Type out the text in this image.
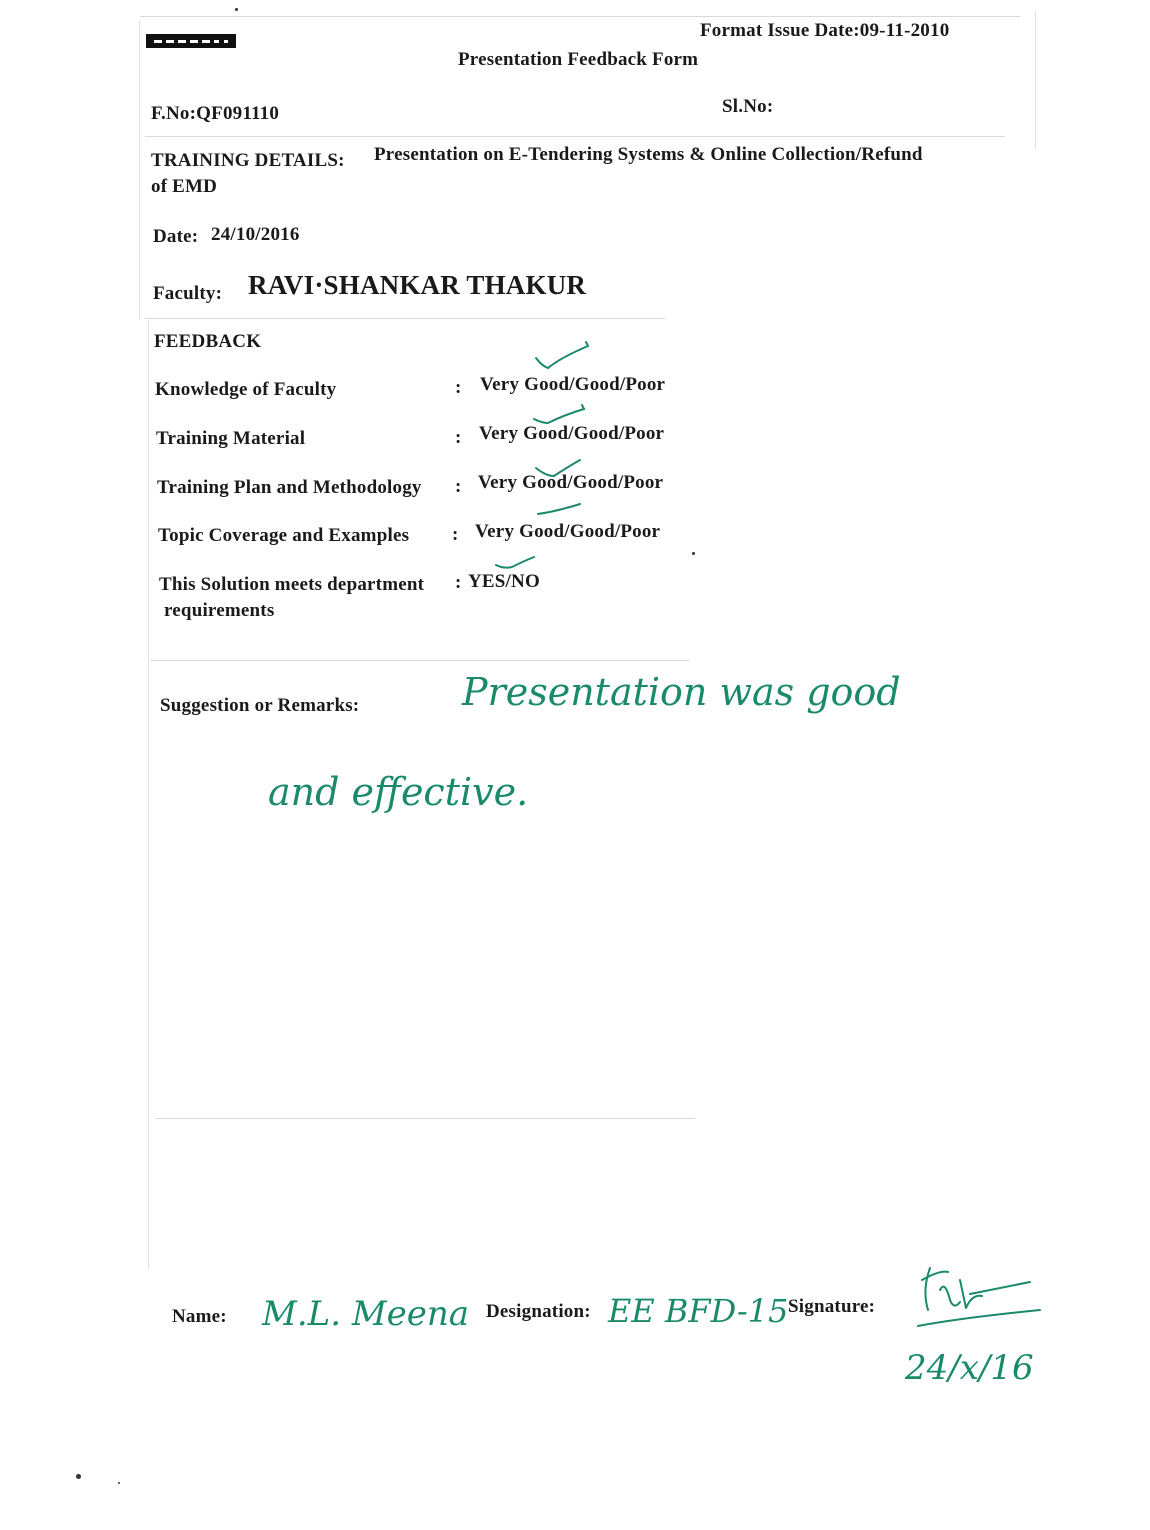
Format Issue Date:09-11-2010
Presentation Feedback Form
F.No:QF091110	Sl.No:
TRAINING DETAILS: Presentation on E-Tendering Systems & Online Collection/Refund
of EMD
Date: 24/10/2016
Faculty: RAVI·SHANKAR THAKUR
FEEDBACK
Knowledge of Faculty	: Very Good/Good/Poor
Training Material	: Very Good/Good/Poor
Training Plan and Methodology : Very Good/Good/Poor
Topic Coverage and Examples : Very Good/Good/Poor
This Solution meets department
requirements
: YES/NO
Suggestion or Remarks:	Presentation was good
and effective.
Name: M.L. Meena Designation: EE BFD-15 Signature:
24/x/16
